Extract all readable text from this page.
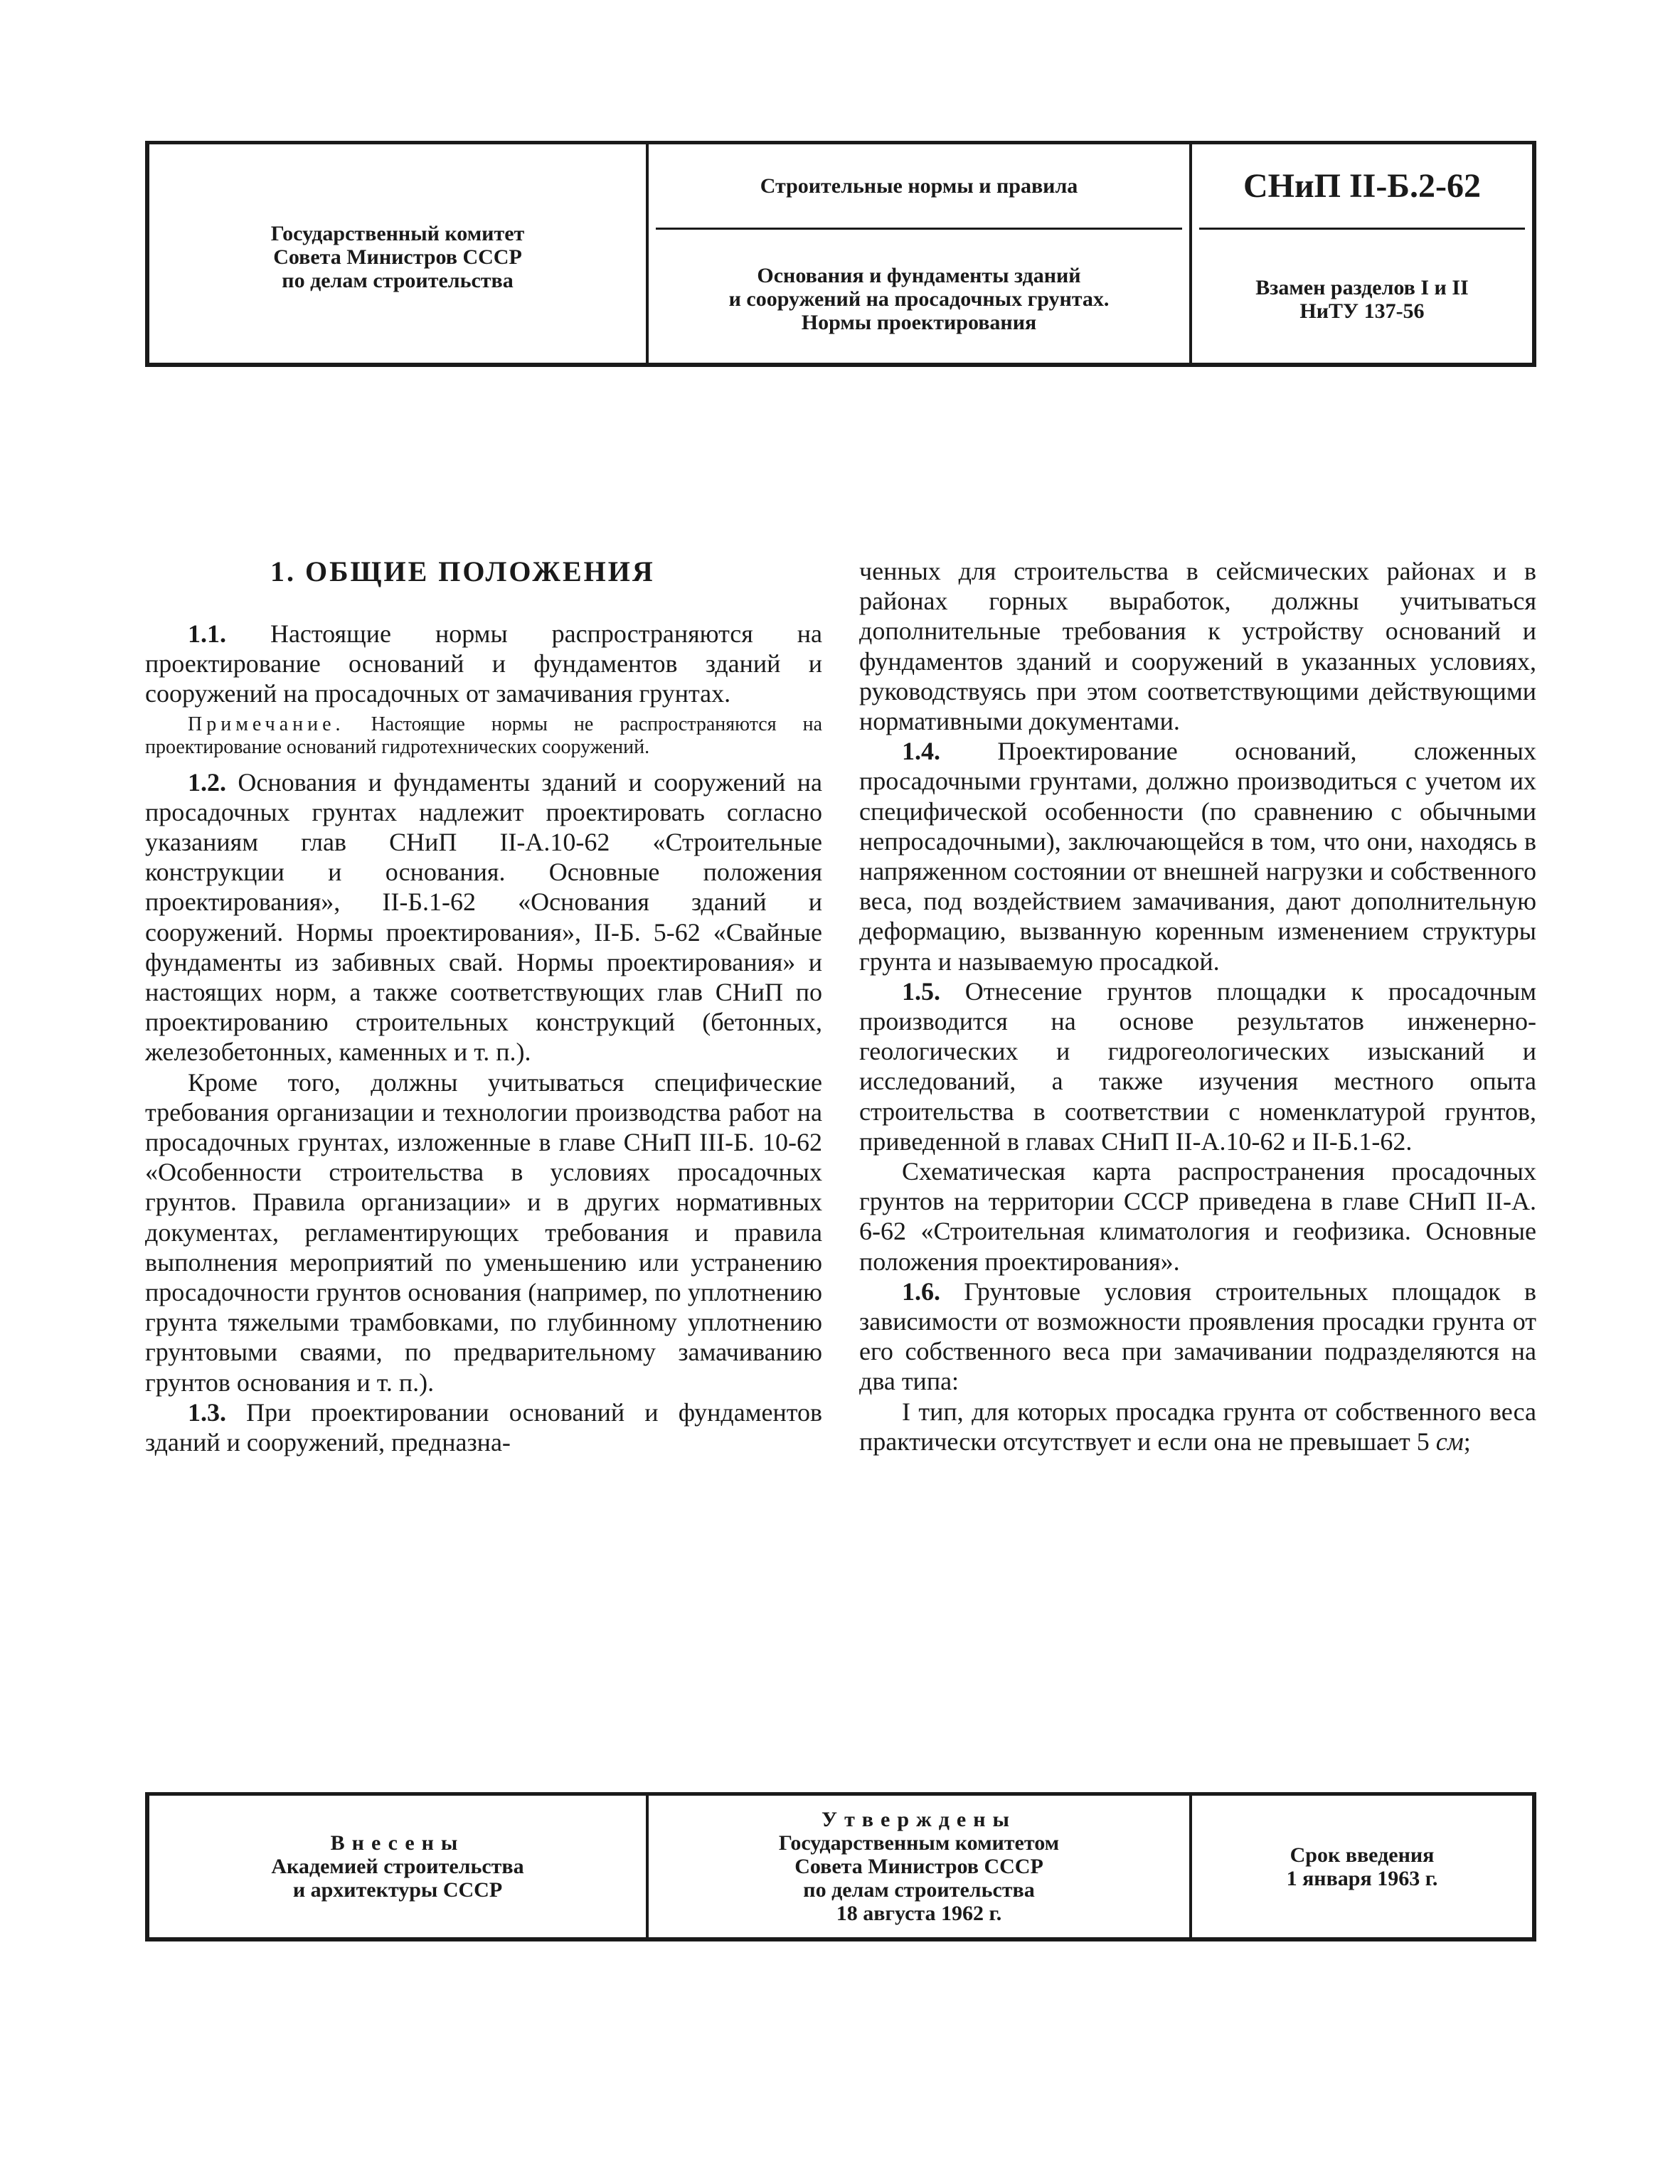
Государственный комитет
Совета Министров СССР
по делам строительства
Строительные нормы и правила
Основания и фундаменты зданий
и сооружений на просадочных грунтах.
Нормы проектирования
СНиП II-Б.2-62
Взамен разделов I и II
НиТУ 137-56
1. ОБЩИЕ ПОЛОЖЕНИЯ

1.1. Настоящие нормы распространяются на проектирование оснований и фундаментов зданий и сооружений на просадочных от замачивания грунтах.

Примечание. Настоящие нормы не распространяются на проектирование оснований гидротехнических сооружений.

1.2. Основания и фундаменты зданий и сооружений на просадочных грунтах надлежит проектировать согласно указаниям глав СНиП II-А.10-62 «Строительные конструкции и основания. Основные положения проектирования», II-Б.1-62 «Основания зданий и сооружений. Нормы проектирования», II-Б. 5-62 «Свайные фундаменты из забивных свай. Нормы проектирования» и настоящих норм, а также соответствующих глав СНиП по проектированию строительных конструкций (бетонных, железобетонных, каменных и т. п.).

Кроме того, должны учитываться специфические требования организации и технологии производства работ на просадочных грунтах, изложенные в главе СНиП III-Б. 10-62 «Особенности строительства в условиях просадочных грунтов. Правила организации» и в других нормативных документах, регламентирующих требования и правила выполнения мероприятий по уменьшению или устранению просадочности грунтов основания (например, по уплотнению грунта тяжелыми трамбовками, по глубинному уплотнению грунтовыми сваями, по предварительному замачиванию грунтов основания и т. п.).

1.3. При проектировании оснований и фундаментов зданий и сооружений, предназна-

ченных для строительства в сейсмических районах и в районах горных выработок, должны учитываться дополнительные требования к устройству оснований и фундаментов зданий и сооружений в указанных условиях, руководствуясь при этом соответствующими действующими нормативными документами.

1.4. Проектирование оснований, сложенных просадочными грунтами, должно производиться с учетом их специфической особенности (по сравнению с обычными непросадочными), заключающейся в том, что они, находясь в напряженном состоянии от внешней нагрузки и собственного веса, под воздействием замачивания, дают дополнительную деформацию, вызванную коренным изменением структуры грунта и называемую просадкой.

1.5. Отнесение грунтов площадки к просадочным производится на основе результатов инженерно-геологических и гидрогеологических изысканий и исследований, а также изучения местного опыта строительства в соответствии с номенклатурой грунтов, приведенной в главах СНиП II-А.10-62 и II-Б.1-62.

Схематическая карта распространения просадочных грунтов на территории СССР приведена в главе СНиП II-А. 6-62 «Строительная климатология и геофизика. Основные положения проектирования».

1.6. Грунтовые условия строительных площадок в зависимости от возможности проявления просадки грунта от его собственного веса при замачивании подразделяются на два типа:

I тип, для которых просадка грунта от собственного веса практически отсутствует и если она не превышает 5 см;

Внесены
Академией строительства
и архитектуры СССР
Утверждены
Государственным комитетом
Совета Министров СССР
по делам строительства
18 августа 1962 г.
Срок введения
1 января 1963 г.
